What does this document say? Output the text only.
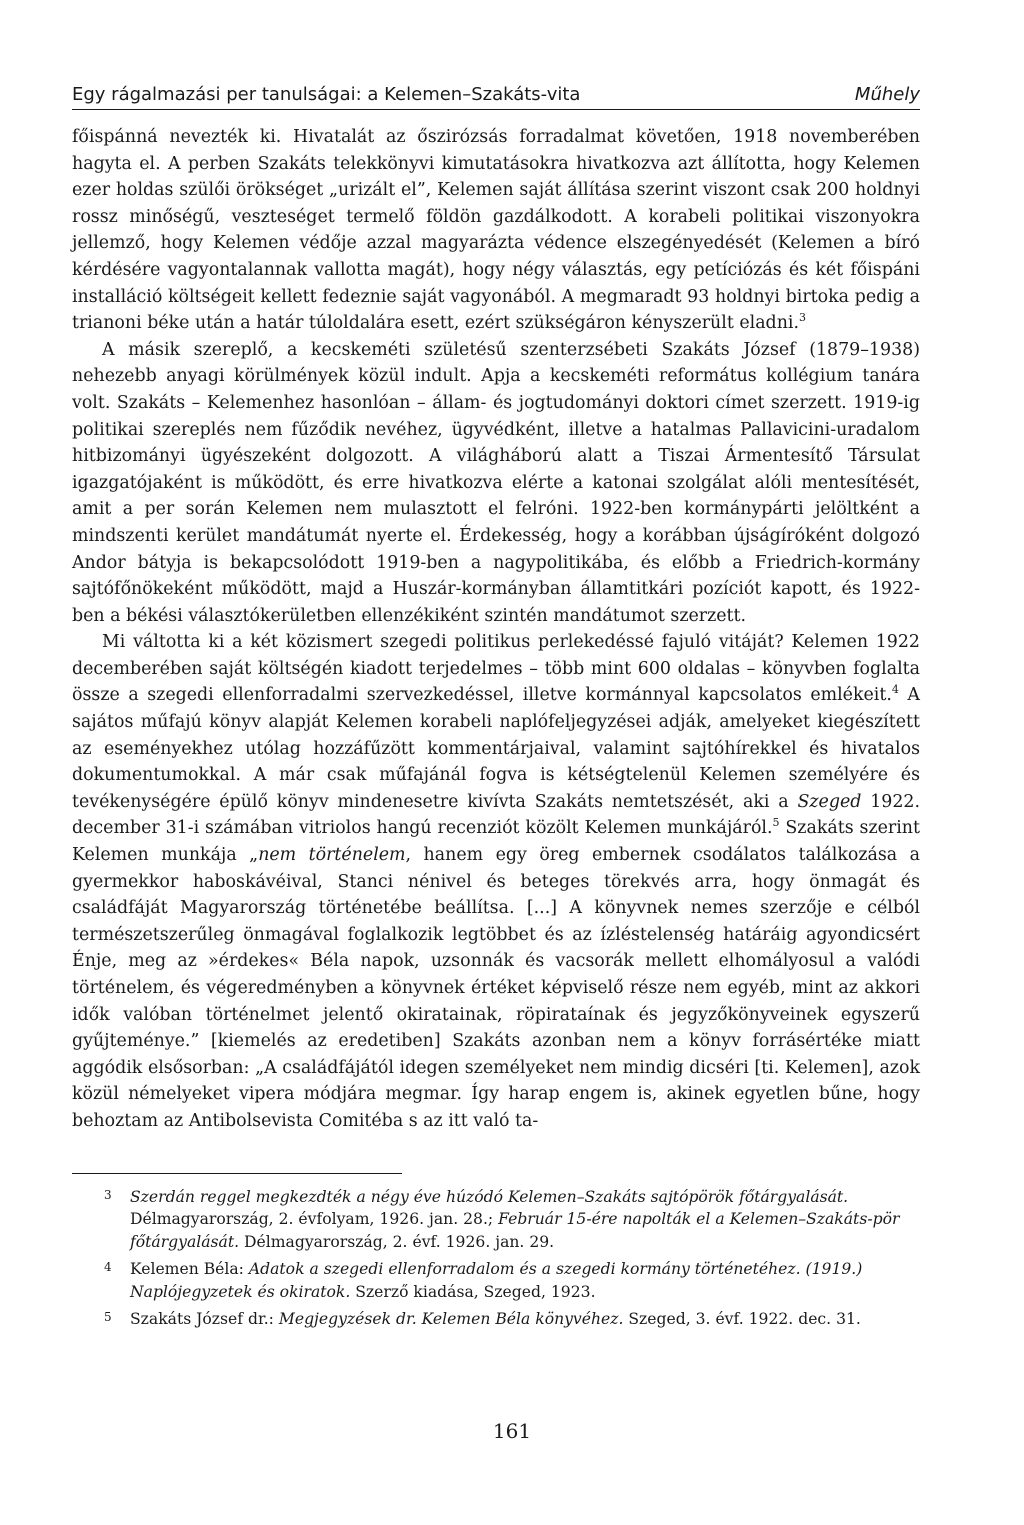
Egy rágalmazási per tanulságai: a Kelemen–Szakáts-vita	Műhely

főispánná nevezték ki. Hivatalát az őszirózsás forradalmat követően, 1918 novemberében hagyta el. A perben Szakáts telekkönyvi kimutatásokra hivatkozva azt állította, hogy Kelemen ezer holdas szülői örökséget „urizált el”, Kelemen saját állítása szerint viszont csak 200 holdnyi rossz minőségű, veszteséget termelő földön gazdálkodott. A korabeli politikai viszonyokra jellemző, hogy Kelemen védője azzal magyarázta védence elszegényedését (Kelemen a bíró kérdésére vagyontalannak vallotta magát), hogy négy választás, egy petíciózás és két főispáni installáció költségeit kellett fedeznie saját vagyonából. A megmaradt 93 holdnyi birtoka pedig a trianoni béke után a határ túloldalára esett, ezért szükségáron kényszerült eladni.$^3$

A másik szereplő, a kecskeméti születésű szenterzsébeti Szakáts József (1879–1938) nehezebb anyagi körülmények közül indult. Apja a kecskeméti református kollégium tanára volt. Szakáts – Kelemenhez hasonlóan – állam- és jogtudományi doktori címet szerzett. 1919-ig politikai szereplés nem fűződik nevéhez, ügyvédként, illetve a hatalmas Pallavicini-uradalom hitbizományi ügyészeként dolgozott. A világháború alatt a Tiszai Ármentesítő Társulat igazgatójaként is működött, és erre hivatkozva elérte a katonai szolgálat alóli mentesítését, amit a per során Kelemen nem mulasztott el felróni. 1922-ben kormánypárti jelöltként a mindszenti kerület mandátumát nyerte el. Érdekesség, hogy a korábban újságíróként dolgozó Andor bátyja is bekapcsolódott 1919-ben a nagypolitikába, és előbb a Friedrich-kormány sajtófőnökeként működött, majd a Huszár-kormányban államtitkári pozíciót kapott, és 1922-ben a békési választókerületben ellenzékiként szintén mandátumot szerzett.

Mi váltotta ki a két közismert szegedi politikus perlekedéssé fajuló vitáját? Kelemen 1922 decemberében saját költségén kiadott terjedelmes – több mint 600 oldalas – könyvben foglalta össze a szegedi ellenforradalmi szervezkedéssel, illetve kormánnyal kapcsolatos emlékeit.$^4$ A sajátos műfajú könyv alapját Kelemen korabeli naplófeljegyzései adják, amelyeket kiegészített az eseményekhez utólag hozzáfűzött kommentárjaival, valamint sajtóhírekkel és hivatalos dokumentumokkal. A már csak műfajánál fogva is kétségtelenül Kelemen személyére és tevékenységére épülő könyv mindenesetre kivívta Szakáts nemtetszését, aki a Szeged 1922. december 31-i számában vitriolos hangú recenziót közölt Kelemen munkájáról.$^5$ Szakáts szerint Kelemen munkája „nem történelem, hanem egy öreg embernek csodálatos találkozása a gyermekkor haboskávéival, Stanci nénivel és beteges törekvés arra, hogy önmagát és családfáját Magyarország történetébe beállítsa. [...] A könyvnek nemes szerzője e célból természetszerűleg önmagával foglalkozik legtöbbet és az ízléstelenség határáig agyondicsért Énje, meg az »érdekes« Béla napok, uzsonnák és vacsorák mellett elhomályosul a valódi történelem, és végeredményben a könyvnek értéket képviselő része nem egyéb, mint az akkori idők valóban történelmet jelentő okiratainak, röpirataínak és jegyzőkönyveinek egyszerű gyűjteménye.” [kiemelés az eredetiben] Szakáts azonban nem a könyv forrásértéke miatt aggódik elsősorban: „A családfájától idegen személyeket nem mindig dicséri [ti. Kelemen], azok közül némelyeket vipera módjára megmar. Így harap engem is, akinek egyetlen bűne, hogy behoztam az Antibolsevista Comitéba s az itt való ta-

3	Szerdán reggel megkezdték a négy éve húzódó Kelemen–Szakáts sajtópörök főtárgyalását. Délmagyarország, 2. évfolyam, 1926. jan. 28.; Február 15-ére napolták el a Kelemen–Szakáts-pör főtárgyalását. Délmagyarország, 2. évf. 1926. jan. 29.
4	Kelemen Béla: Adatok a szegedi ellenforradalom és a szegedi kormány történetéhez. (1919.) Naplójegyzetek és okiratok. Szerző kiadása, Szeged, 1923.
5	Szakáts József dr.: Megjegyzések dr. Kelemen Béla könyvéhez. Szeged, 3. évf. 1922. dec. 31.
161
